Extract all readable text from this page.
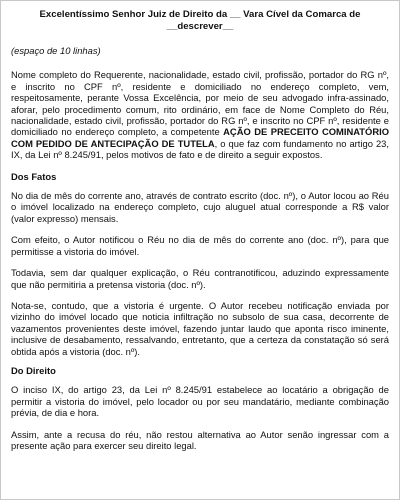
Excelentíssimo Senhor Juiz de Direito da __ Vara Cível da Comarca de __descrever__
(espaço de 10 linhas)

Nome completo do Requerente, nacionalidade, estado civil, profissão, portador do RG nº, e inscrito no CPF nº, residente e domiciliado no endereço completo, vem, respeitosamente, perante Vossa Excelência, por meio de seu advogado infra-assinado, aforar, pelo procedimento comum, rito ordinário, em face de Nome Completo do Réu, nacionalidade, estado civil, profissão, portador do RG nº, e inscrito no CPF nº, residente e domiciliado no endereço completo, a competente AÇÃO DE PRECEITO COMINATÓRIO COM PEDIDO DE ANTECIPAÇÃO DE TUTELA, o que faz com fundamento no artigo 23, IX, da Lei nº 8.245/91, pelos motivos de fato e de direito a seguir expostos.

Dos Fatos

No dia de mês do corrente ano, através de contrato escrito (doc. nº), o Autor locou ao Réu o imóvel localizado na endereço completo, cujo aluguel atual corresponde a R$ valor (valor expresso) mensais.

Com efeito, o Autor notificou o Réu no dia de mês do corrente ano (doc. nº), para que permitisse a vistoria do imóvel.

Todavia, sem dar qualquer explicação, o Réu contranotificou, aduzindo expressamente que não permitiria a pretensa vistoria (doc. nº).

Nota-se, contudo, que a vistoria é urgente. O Autor recebeu notificação enviada por vizinho do imóvel locado que noticia infiltração no subsolo de sua casa, decorrente de vazamentos provenientes deste imóvel, fazendo juntar laudo que aponta risco iminente, inclusive de desabamento, ressalvando, entretanto, que a certeza da constatação só será obtida após a vistoria (doc. nº).

Do Direito

O inciso IX, do artigo 23, da Lei nº 8.245/91 estabelece ao locatário a obrigação de permitir a vistoria do imóvel, pelo locador ou por seu mandatário, mediante combinação prévia, de dia e hora.

Assim, ante a recusa do réu, não restou alternativa ao Autor senão ingressar com a presente ação para exercer seu direito legal.
